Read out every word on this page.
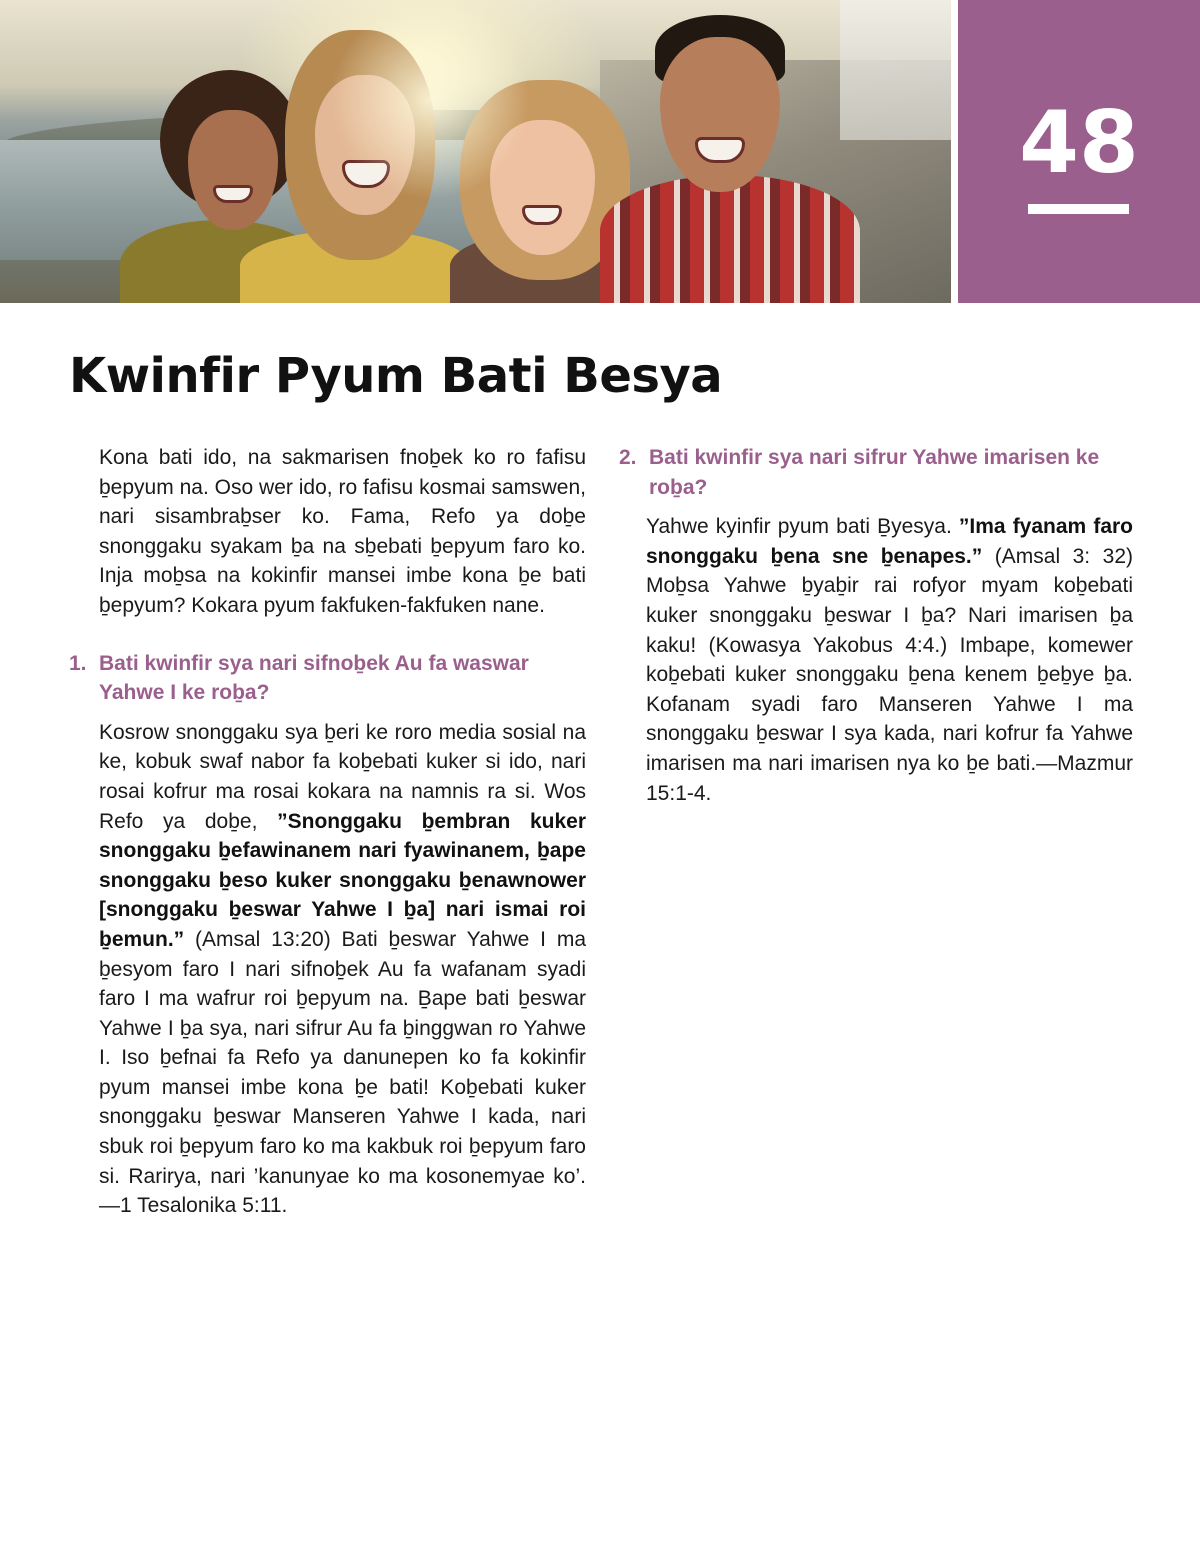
48
Kwinfir Pyum Bati Besya

Kona bati ido, na sakmarisen fnoḇek ko ro fafisu ḇepyum na. Oso wer ido, ro fafisu kosmai samswen, nari sisambraḇser ko. Fama, Refo ya doḇe snonggaku syakam ḇa na sḇebati ḇepyum faro ko. Inja moḇsa na kokinfir mansei imbe kona ḇe bati ḇepyum? Kokara pyum fakfuken-fakfuken nane.

1. Bati kwinfir sya nari sifnoḇek Au fa waswar Yahwe I ke roḇa?

Kosrow snonggaku sya ḇeri ke roro media sosial na ke, kobuk swaf nabor fa koḇebati kuker si ido, nari rosai kofrur ma rosai kokara na namnis ra si. Wos Refo ya doḇe, ”Snonggaku ḇembran kuker snonggaku ḇefawinanem nari fyawinanem, ḇape snonggaku ḇeso kuker snonggaku ḇenawnower [snonggaku ḇeswar Yahwe I ḇa] nari ismai roi ḇemun.” (Amsal 13:20) Bati ḇeswar Yahwe I ma ḇesyom faro I nari sifnoḇek Au fa wafanam syadi faro I ma wafrur roi ḇepyum na. Ḇape bati ḇeswar Yahwe I ḇa sya, nari sifrur Au fa ḇinggwan ro Yahwe I. Iso ḇefnai fa Refo ya danunepen ko fa kokinfir pyum mansei imbe kona ḇe bati! Koḇebati kuker snonggaku ḇeswar Manseren Yahwe I kada, nari sbuk roi ḇepyum faro ko ma kakbuk roi ḇepyum faro si. Rarirya, nari ’kanunyae ko ma kosonemyae ko’. —1 Tesalonika 5:11.

2. Bati kwinfir sya nari sifrur Yahwe imarisen ke roḇa?

Yahwe kyinfir pyum bati Ḇyesya. ”Ima fyanam faro snonggaku ḇena sne ḇenapes.” (Amsal 3: 32) Moḇsa Yahwe ḇyaḇir rai rofyor myam koḇebati kuker snonggaku ḇeswar I ḇa? Nari imarisen ḇa kaku! (Kowasya Yakobus 4:4.) Imbape, komewer koḇebati kuker snonggaku ḇena kenem ḇeḇye ḇa. Kofanam syadi faro Manseren Yahwe I ma snonggaku ḇeswar I sya kada, nari kofrur fa Yahwe imarisen ma nari imarisen nya ko ḇe bati.—Mazmur 15:1-4.
